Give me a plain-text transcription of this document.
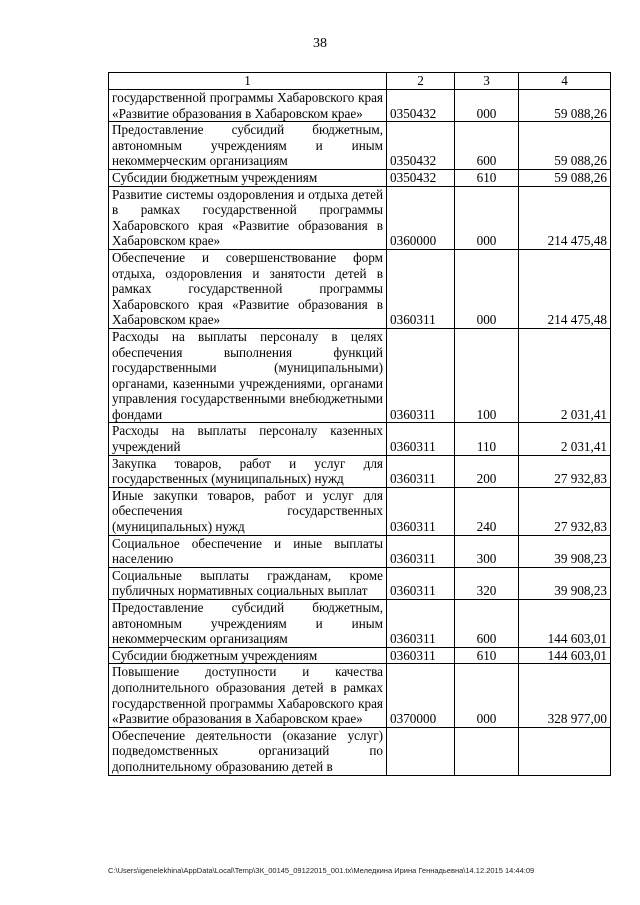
38
1	2	3	4
государственной программы Хабаровского края «Развитие образования в Хабаровском крае»	0350432	000	59 088,26
Предоставление субсидий бюджетным, автономным учреждениям и иным некоммерческим организациям	0350432	600	59 088,26
Субсидии бюджетным учреждениям	0350432	610	59 088,26
Развитие системы оздоровления и отдыха детей в рамках государственной программы Хабаровского края «Развитие образования в Хабаровском крае»	0360000	000	214 475,48
Обеспечение и совершенствование форм отдыха, оздоровления и занятости детей в рамках государственной программы Хабаровского края «Развитие образования в Хабаровском крае»	0360311	000	214 475,48
Расходы на выплаты персоналу в целях обеспечения выполнения функций государственными (муниципальными) органами, казенными учреждениями, органами управления государственными внебюджетными фондами	0360311	100	2 031,41
Расходы на выплаты персоналу казенных учреждений	0360311	110	2 031,41
Закупка товаров, работ и услуг для государственных (муниципальных) нужд	0360311	200	27 932,83
Иные закупки товаров, работ и услуг для обеспечения государственных (муниципальных) нужд	0360311	240	27 932,83
Социальное обеспечение и иные выплаты населению	0360311	300	39 908,23
Социальные выплаты гражданам, кроме публичных нормативных социальных выплат	0360311	320	39 908,23
Предоставление субсидий бюджетным, автономным учреждениям и иным некоммерческим организациям	0360311	600	144 603,01
Субсидии бюджетным учреждениям	0360311	610	144 603,01
Повышение доступности и качества дополнительного образования детей в рамках государственной программы Хабаровского края «Развитие образования в Хабаровском крае»	0370000	000	328 977,00
Обеспечение деятельности (оказание услуг) подведомственных организаций по дополнительному образованию детей в			
C:\Users\igenelekhina\AppData\Local\Temp\ЗК_00145_09122015_001.tx\Меледкина Ирина Геннадьевна\14.12.2015 14:44:09
